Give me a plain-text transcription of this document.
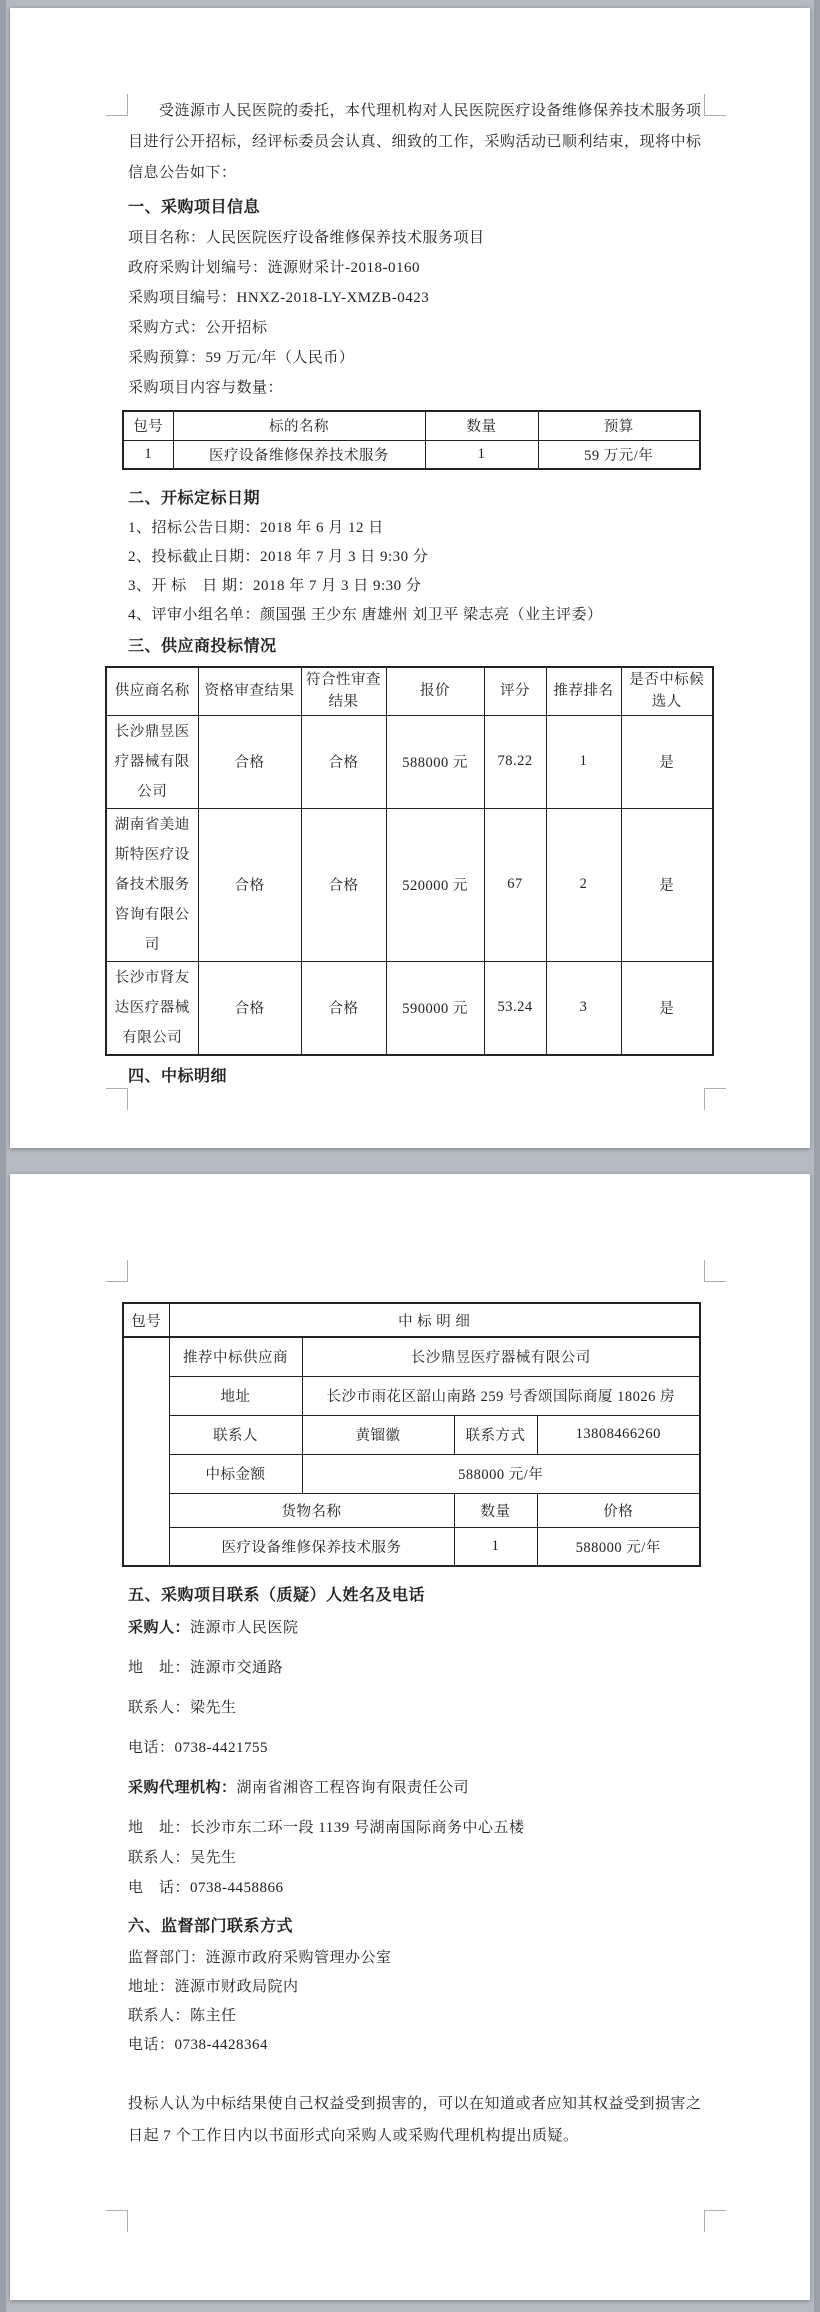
受涟源市人民医院的委托，本代理机构对人民医院医疗设备维修保养技术服务项目进行公开招标，经评标委员会认真、细致的工作，采购活动已顺利结束，现将中标信息公告如下：

一、采购项目信息
项目名称：人民医院医疗设备维修保养技术服务项目
政府采购计划编号：涟源财采计-2018-0160
采购项目编号：HNXZ-2018-LY-XMZB-0423
采购方式：公开招标
采购预算：59 万元/年（人民币）
采购项目内容与数量：
包号	标的名称	数量	预算
1	医疗设备维修保养技术服务	1	59 万元/年
二、开标定标日期
1、招标公告日期：2018 年 6 月 12 日
2、投标截止日期：2018 年 7 月 3 日 9:30 分
3、开 标　日 期：2018 年 7 月 3 日 9:30 分
4、评审小组名单：颜国强 王少东 唐雄州 刘卫平 梁志亮（业主评委）
三、供应商投标情况
供应商名称	资格审查结果	符合性审查结果	报价	评分	推荐排名	是否中标候选人
长沙鼎昱医疗器械有限公司	合格	合格	588000 元	78.22	1	是
湖南省美迪斯特医疗设备技术服务咨询有限公司	合格	合格	520000 元	67	2	是
长沙市肾友达医疗器械有限公司	合格	合格	590000 元	53.24	3	是
四、中标明细
包号	中 标 明 细			
	推荐中标供应商	长沙鼎昱医疗器械有限公司		
	地址	长沙市雨花区韶山南路 259 号香颂国际商厦 18026 房		
	联系人	黄镏徽	联系方式	13808466260
	中标金额	588000 元/年		
	货物名称		数量	价格
	医疗设备维修保养技术服务		1	588000 元/年
五、采购项目联系（质疑）人姓名及电话
采购人：涟源市人民医院
地　址：涟源市交通路
联系人：梁先生
电话：0738-4421755
采购代理机构：湖南省湘咨工程咨询有限责任公司
地　址：长沙市东二环一段 1139 号湖南国际商务中心五楼
联系人：吴先生
电　话：0738-4458866
六、监督部门联系方式
监督部门：涟源市政府采购管理办公室
地址：涟源市财政局院内
联系人：陈主任
电话：0738-4428364

投标人认为中标结果使自己权益受到损害的，可以在知道或者应知其权益受到损害之日起 7 个工作日内以书面形式向采购人或采购代理机构提出质疑。
